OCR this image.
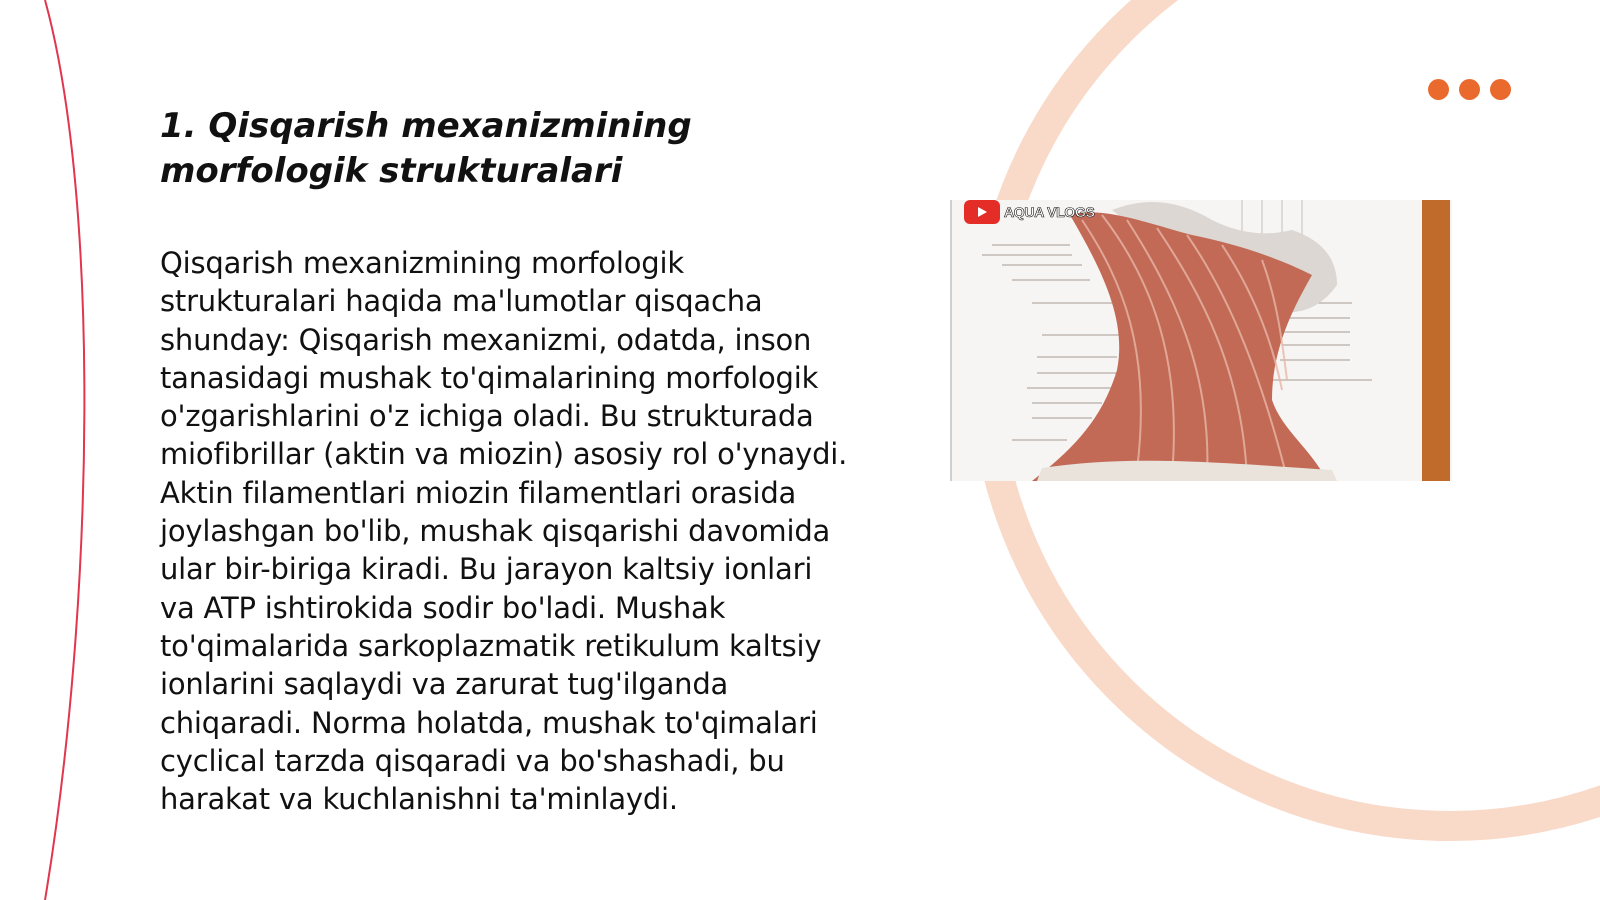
1. Qisqarish mexanizmining
morfologik strukturalari

Qisqarish mexanizmining morfologik strukturalari haqida ma'lumotlar qisqacha shunday: Qisqarish mexanizmi, odatda, inson tanasidagi mushak to'qimalarining morfologik o'zgarishlarini o'z ichiga oladi. Bu strukturada miofibrillar (aktin va miozin) asosiy rol o'ynaydi. Aktin filamentlari miozin filamentlari orasida joylashgan bo'lib, mushak qisqarishi davomida ular bir-biriga kiradi. Bu jarayon kaltsiy ionlari va ATP ishtirokida sodir bo'ladi. Mushak to'qimalarida sarkoplazmatik retikulum kaltsiy ionlarini saqlaydi va zarurat tug'ilganda chiqaradi. Norma holatda, mushak to'qimalari cyclical tarzda qisqaradi va bo'shashadi, bu harakat va kuchlanishni ta'minlaydi.

AQUA VLOGS
